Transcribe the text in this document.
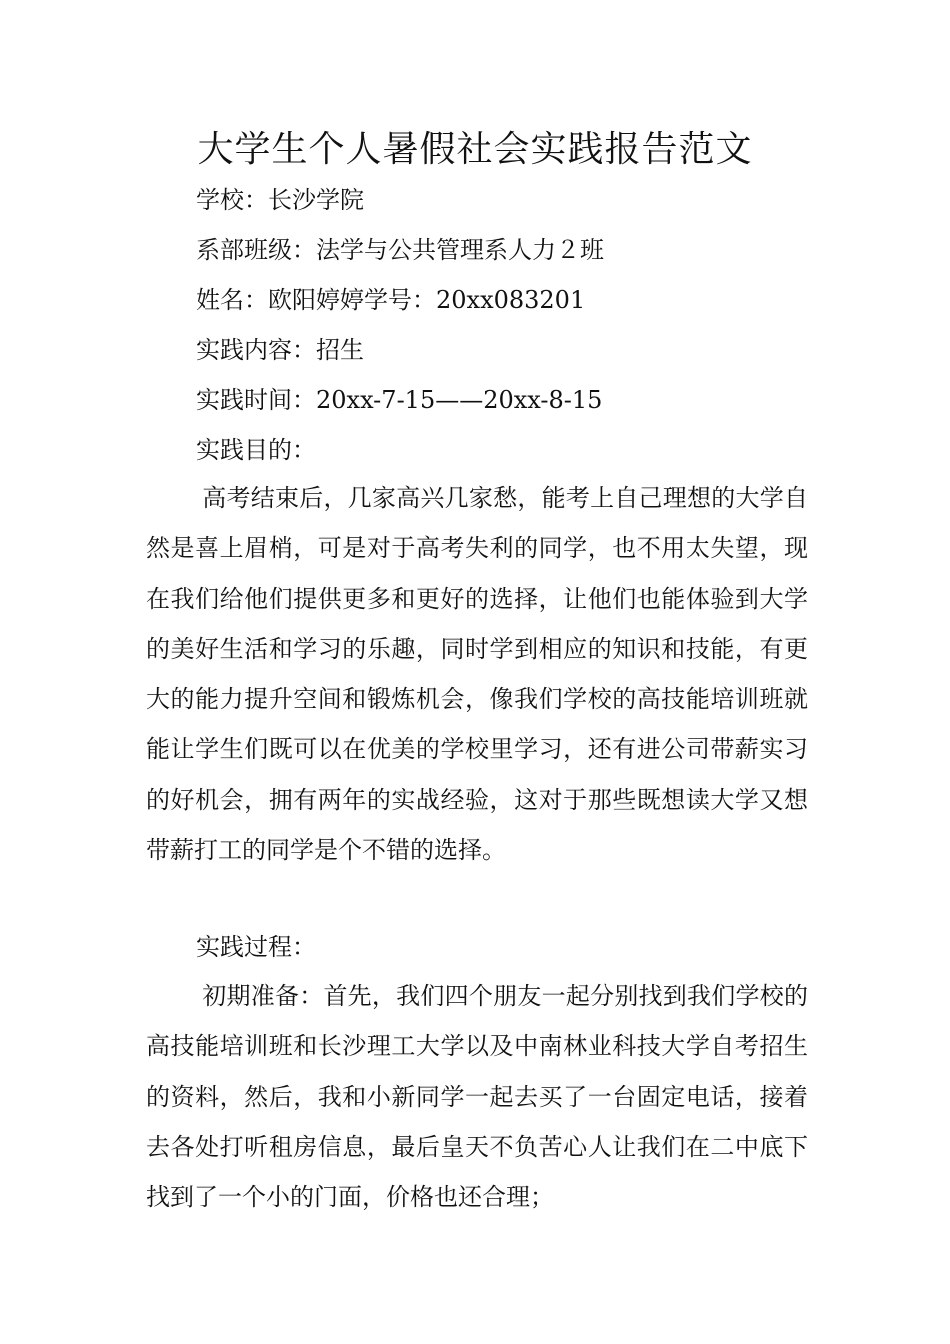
大学生个人暑假社会实践报告范文
学校：长沙学院
系部班级：法学与公共管理系人力２班
姓名：欧阳婷婷学号：20xx083201
实践内容：招生
实践时间：20xx-7-15——20xx-8-15
实践目的：

高考结束后，几家高兴几家愁，能考上自己理想的大学自然是喜上眉梢，可是对于高考失利的同学，也不用太失望，现在我们给他们提供更多和更好的选择，让他们也能体验到大学的美好生活和学习的乐趣，同时学到相应的知识和技能，有更大的能力提升空间和锻炼机会，像我们学校的高技能培训班就能让学生们既可以在优美的学校里学习，还有进公司带薪实习的好机会，拥有两年的实战经验，这对于那些既想读大学又想带薪打工的同学是个不错的选择。

实践过程：

初期准备：首先，我们四个朋友一起分别找到我们学校的高技能培训班和长沙理工大学以及中南林业科技大学自考招生的资料，然后，我和小新同学一起去买了一台固定电话，接着去各处打听租房信息，最后皇天不负苦心人让我们在二中底下找到了一个小的门面，价格也还合理；
